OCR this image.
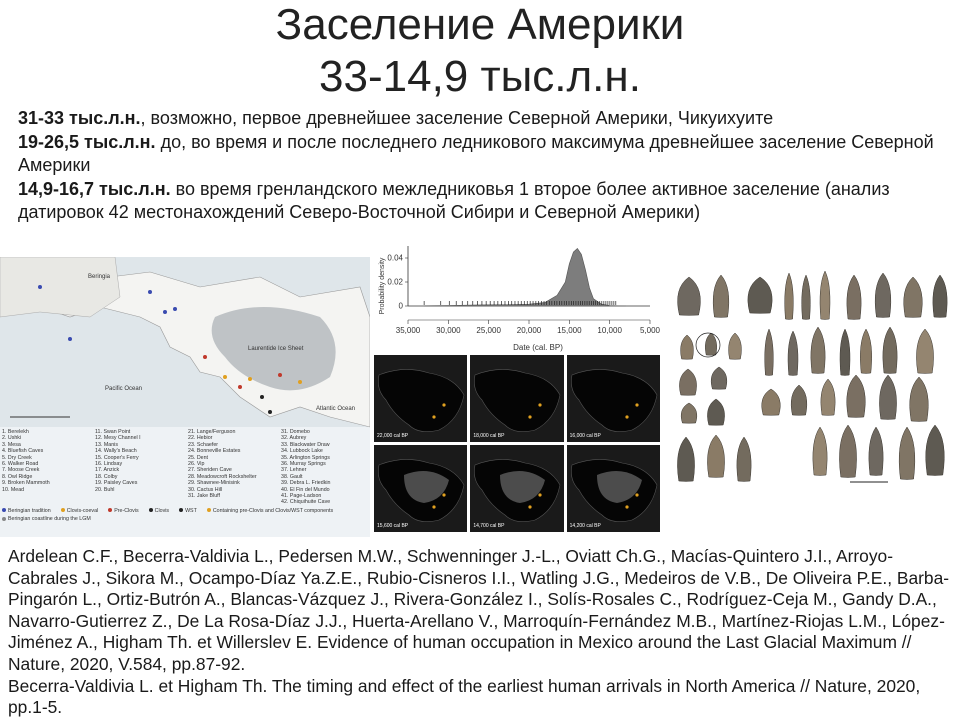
Заселение Америки
33-14,9 тыс.л.н.

31-33 тыс.л.н., возможно, первое древнейшее заселение Северной Америки, Чикуихуите

19-26,5 тыс.л.н. до, во время и после последнего ледникового максимума древнейшее заселение Северной Америки

14,9-16,7 тыс.л.н. во время гренландского межледниковья 1 второе более активное заселение (анализ датировок 42 местонахождений Северо-Восточной Сибири и Северной Америки)

Beringia
Laurentide Ice Sheet
Pacific Ocean
Atlantic Ocean
1. Berelekh
2. Ushki
3. Mesa
4. Bluefish Caves
5. Dry Creek
6. Walker Road
7. Moose Creek
8. Owl Ridge
9. Broken Mammoth
10. Mead
11. Swan Point
12. Mesy Channel I
13. Manis
14. Wally's Beach
15. Cooper's Ferry
16. Lindsay
17. Anzick
18. Colby
19. Paisley Caves
20. Buhl
21. Lange/Ferguson
22. Hebior
23. Schaefer
24. Bonneville Estates
25. Dent
26. Vip
27. Sheriden Cave
28. Meadowcroft Rockshelter
29. Shawnee-Minisink
30. Cactus Hill
31. Jake Bluff
31. Domebo
32. Aubrey
33. Blackwater Draw
34. Lubbock Lake
35. Arlington Springs
36. Murray Springs
37. Lehner
38. Gault
39. Debra L. Friedkin
40. El Fin del Mundo
41. Page-Ladson
42. Chiquihuite Cave
Beringian tradition	Clovis-coeval	Pre-Clovis	Clovis	WST	Containing pre-Clovis and Clovis/WST components
Beringian coastline during the LGM
Probability density
Date (cal. BP)
0
0.02
0.04
35,000 30,000 25,000 20,000 15,000 10,000 5,000
22,000 cal BP	18,000 cal BP	16,000 cal BP
15,600 cal BP	14,700 cal BP	14,200 cal BP

Ardelean C.F., Becerra-Valdivia L., Pedersen M.W., Schwenninger J.-L., Oviatt Ch.G., Macías-Quintero J.I., Arroyo-Cabrales J., Sikora M., Ocampo-Díaz Ya.Z.E., Rubio-Cisneros I.I., Watling J.G., Medeiros de V.B., De Oliveira P.E., Barba-Pingarón L., Ortiz-Butrón A., Blancas-Vázquez J., Rivera-González I., Solís-Rosales C., Rodríguez-Ceja M., Gandy D.A., Navarro-Gutierrez Z., De La Rosa-Díaz J.J., Huerta-Arellano V., Marroquín-Fernández M.B., Martínez-Riojas L.M., López-Jiménez A., Higham Th. et Willerslev E. Evidence of human occupation in Mexico around the Last Glacial Maximum // Nature, 2020, V.584, pp.87-92.

Becerra-Valdivia L. et Higham Th. The timing and effect of the earliest human arrivals in North America // Nature, 2020, pp.1-5.
